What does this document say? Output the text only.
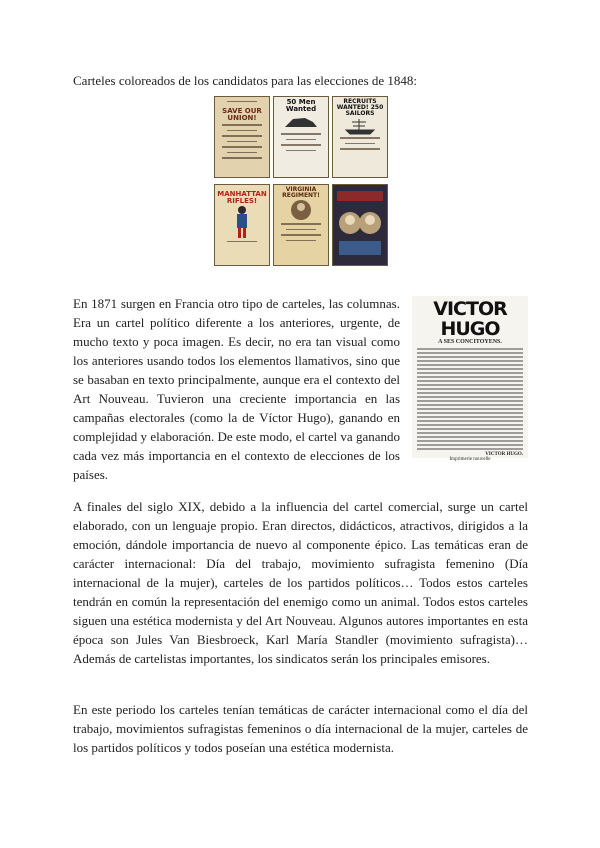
Carteles coloreados de los candidatos para las elecciones de 1848:
SAVE OUR UNION!
50 Men Wanted
RECRUITS WANTED! 250 SAILORS
MANHATTAN RIFLES!
VIRGINIA REGIMENT!

En 1871 surgen en Francia otro tipo de carteles, las columnas. Era un cartel político diferente a los anteriores, urgente, de mucho texto y poca imagen. Es decir, no era tan visual como los anteriores usando todos los elementos llamativos, sino que se basaban en texto principalmente, aunque era el contexto del Art Nouveau. Tuvieron una creciente importancia en las campañas electorales (como la de Víctor Hugo), ganando en complejidad y elaboración. De este modo, el cartel va ganando cada vez más importancia en el contexto de elecciones de los países.

VICTOR HUGO
A SES CONCITOYENS.
VICTOR HUGO.
Imprimerie nouvelle

A finales del siglo XIX, debido a la influencia del cartel comercial, surge un cartel elaborado, con un lenguaje propio. Eran directos, didácticos, atractivos, dirigidos a la emoción, dándole importancia de nuevo al componente épico. Las temáticas eran de carácter internacional: Día del trabajo, movimiento sufragista femenino (Día internacional de la mujer), carteles de los partidos políticos… Todos estos carteles tendrán en común la representación del enemigo como un animal. Todos estos carteles siguen una estética modernista y del Art Nouveau. Algunos autores importantes en esta época son Jules Van Biesbroeck, Karl María Standler (movimiento sufragista)… Además de cartelistas importantes, los sindicatos serán los principales emisores.

En este periodo los carteles tenían temáticas de carácter internacional como el día del trabajo, movimientos sufragistas femeninos o día internacional de la mujer, carteles de los partidos políticos y todos poseían una estética modernista.
